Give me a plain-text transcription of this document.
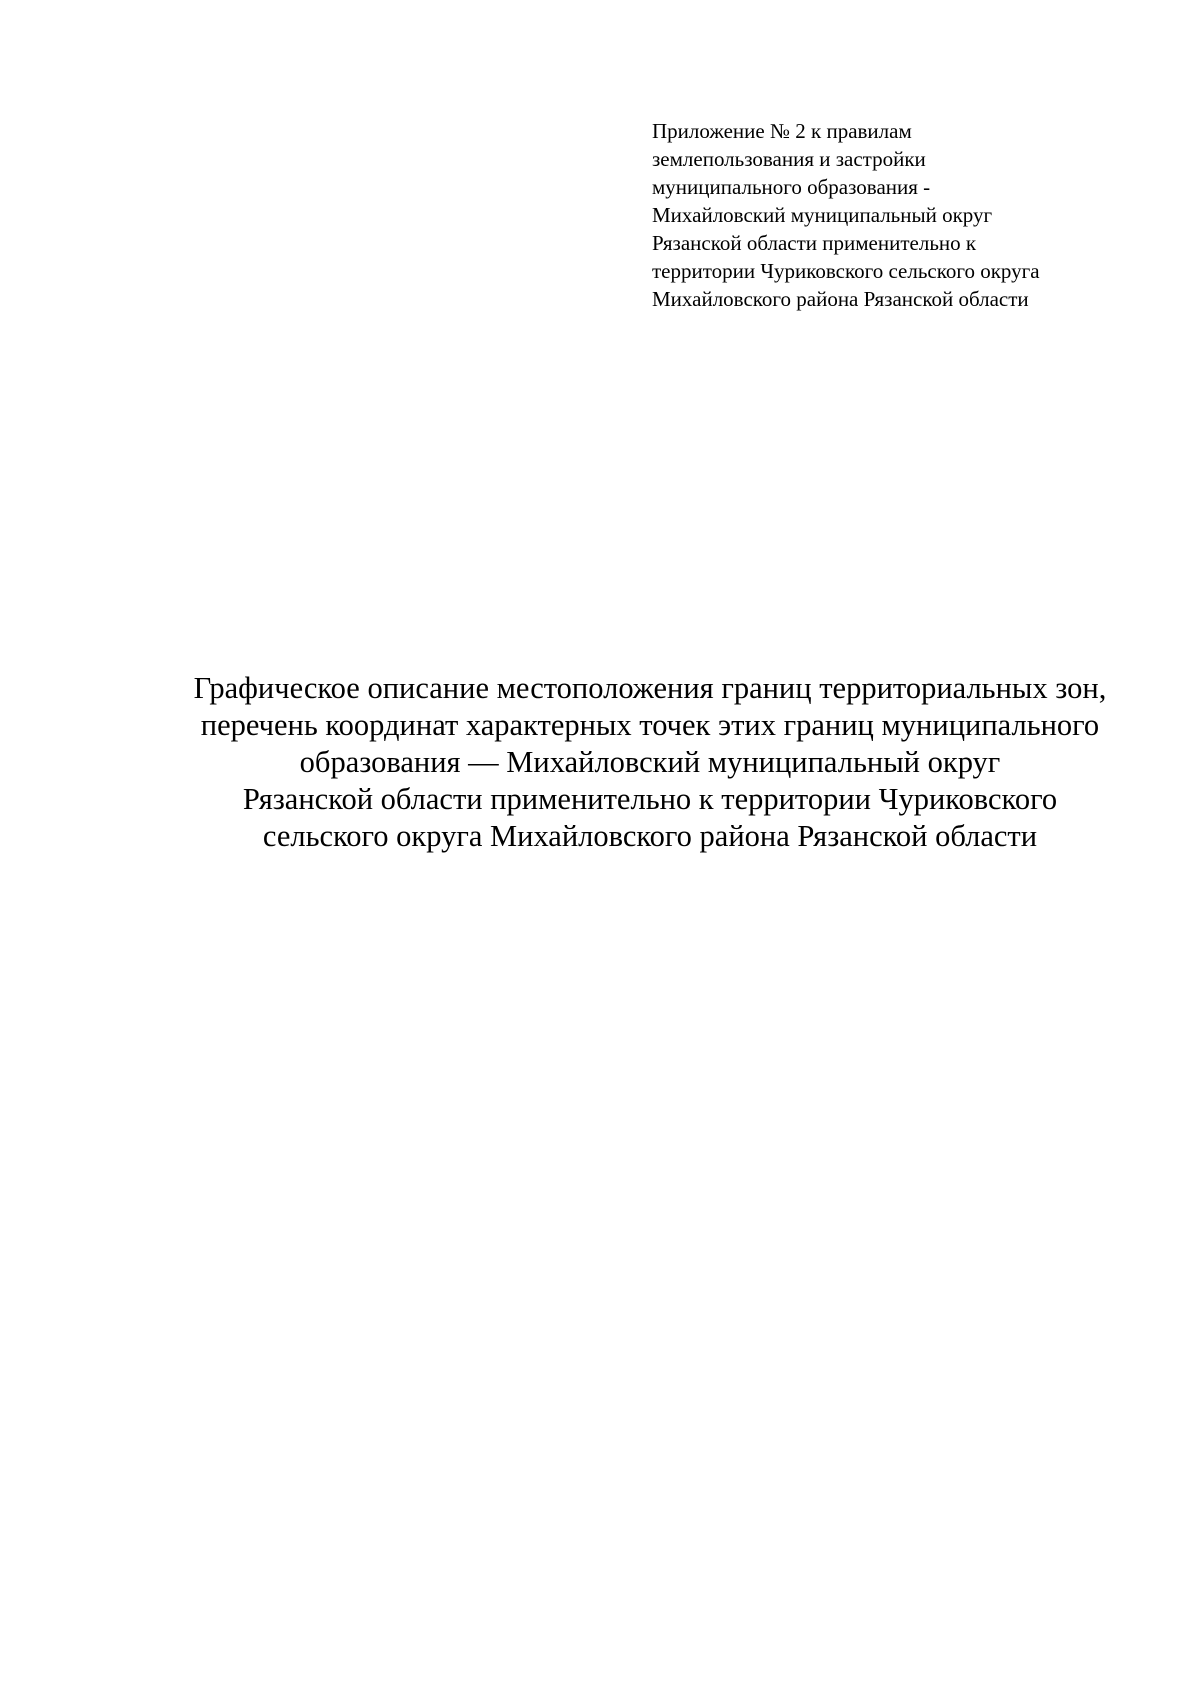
Приложение № 2 к правилам
землепользования и застройки
муниципального образования -
Михайловский муниципальный округ
Рязанской области применительно к
территории Чуриковского сельского округа
Михайловского района Рязанской области
Графическое описание местоположения границ территориальных зон,
перечень координат характерных точек этих границ муниципального
образования — Михайловский муниципальный округ
Рязанской области применительно к территории Чуриковского
сельского округа Михайловского района Рязанской области
